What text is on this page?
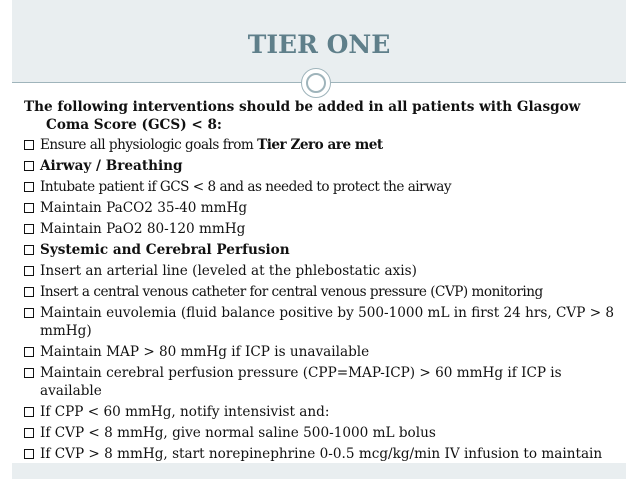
TIER ONE

The following interventions should be added in all patients with Glasgow Coma Score (GCS) < 8:

Ensure all physiologic goals from Tier Zero are met
Airway / Breathing
Intubate patient if GCS < 8 and as needed to protect the airway
Maintain PaCO2 35-40 mmHg
Maintain PaO2 80-120 mmHg
Systemic and Cerebral Perfusion
Insert an arterial line (leveled at the phlebostatic axis)
Insert a central venous catheter for central venous pressure (CVP) monitoring
Maintain euvolemia (fluid balance positive by 500-1000 mL in first 24 hrs, CVP > 8 mmHg)
Maintain MAP > 80 mmHg if ICP is unavailable
Maintain cerebral perfusion pressure (CPP=MAP-ICP) > 60 mmHg if ICP is available
If CPP < 60 mmHg, notify intensivist and:
If CVP < 8 mmHg, give normal saline 500-1000 mL bolus
If CVP > 8 mmHg, start norepinephrine 0-0.5 mcg/kg/min IV infusion to maintain
